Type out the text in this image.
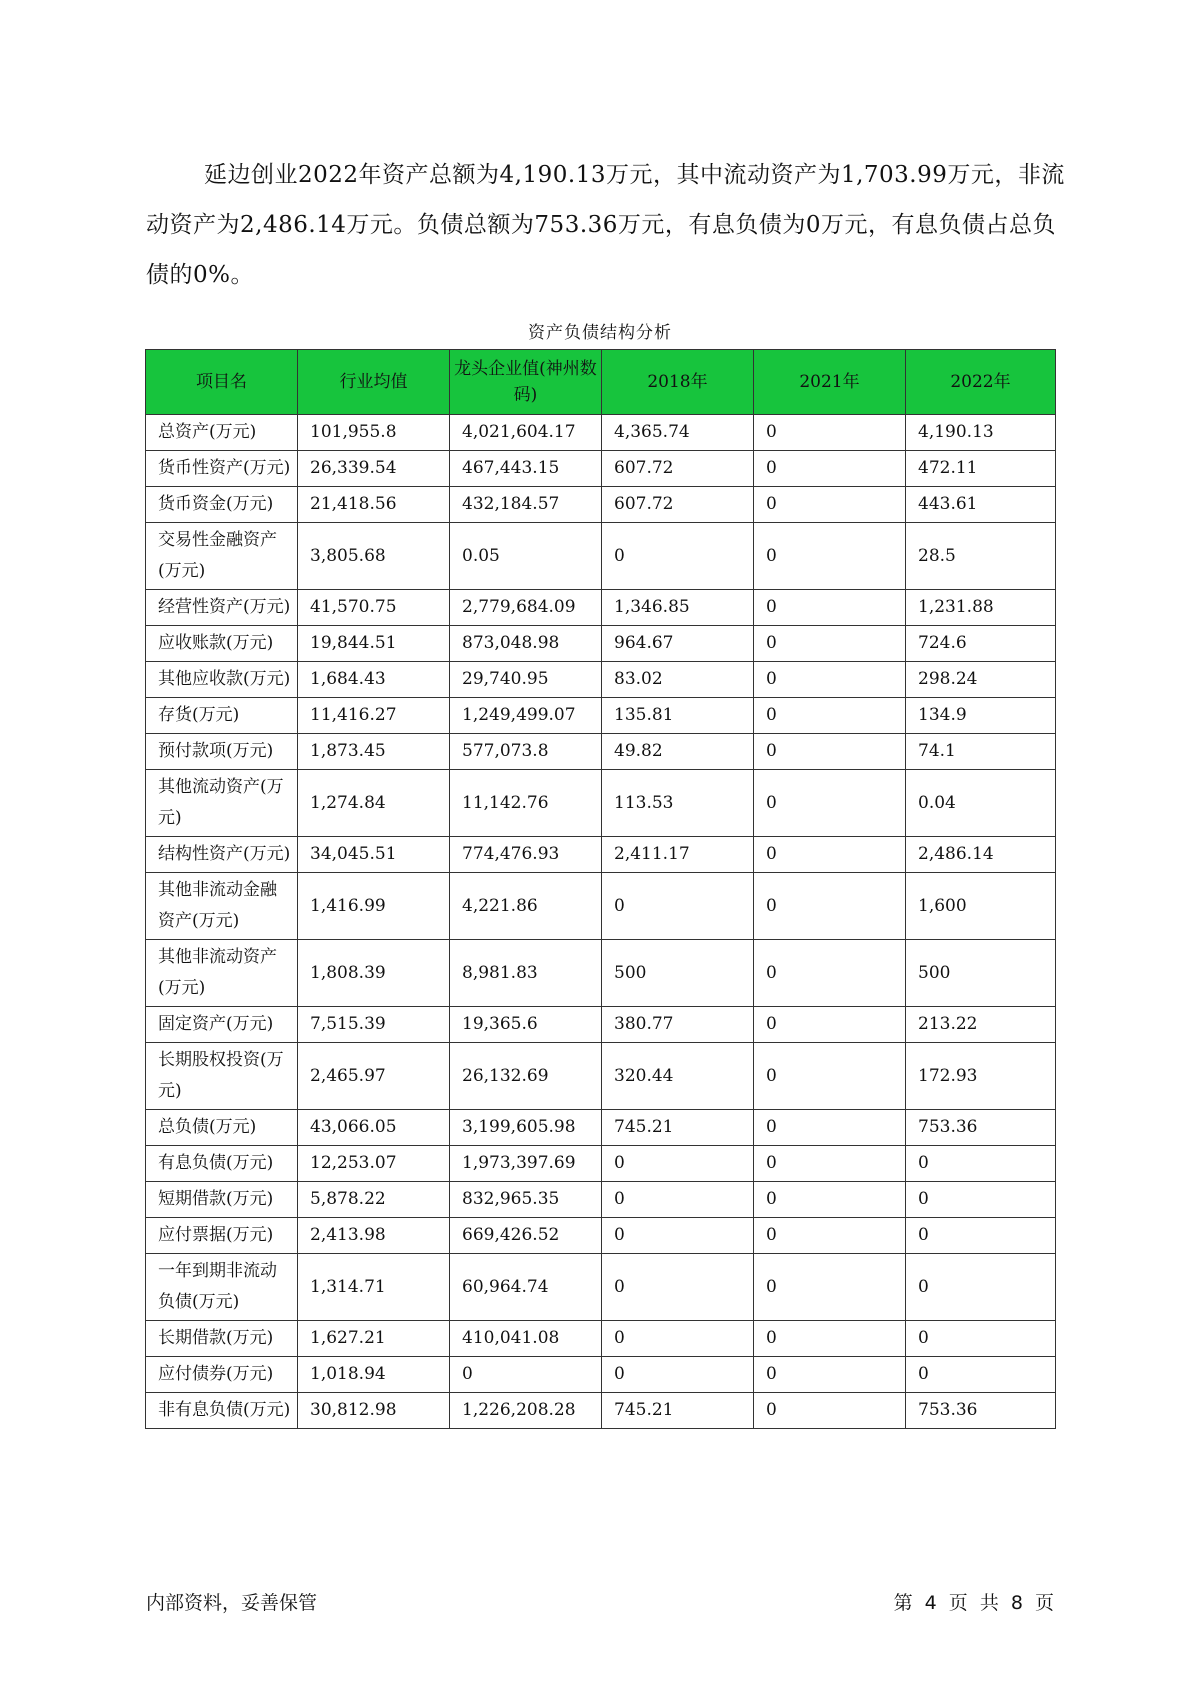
延边创业2022年资产总额为4,190.13万元，其中流动资产为1,703.99万元，非流动资产为2,486.14万元。负债总额为753.36万元，有息负债为0万元，有息负债占总负债的0%。

资产负债结构分析
项目名	行业均值	龙头企业值(神州数码)	2018年	2021年	2022年
总资产(万元)	101,955.8	4,021,604.17	4,365.74	0	4,190.13
货币性资产(万元)	26,339.54	467,443.15	607.72	0	472.11
货币资金(万元)	21,418.56	432,184.57	607.72	0	443.61
交易性金融资产(万元)	3,805.68	0.05	0	0	28.5
经营性资产(万元)	41,570.75	2,779,684.09	1,346.85	0	1,231.88
应收账款(万元)	19,844.51	873,048.98	964.67	0	724.6
其他应收款(万元)	1,684.43	29,740.95	83.02	0	298.24
存货(万元)	11,416.27	1,249,499.07	135.81	0	134.9
预付款项(万元)	1,873.45	577,073.8	49.82	0	74.1
其他流动资产(万元)	1,274.84	11,142.76	113.53	0	0.04
结构性资产(万元)	34,045.51	774,476.93	2,411.17	0	2,486.14
其他非流动金融资产(万元)	1,416.99	4,221.86	0	0	1,600
其他非流动资产(万元)	1,808.39	8,981.83	500	0	500
固定资产(万元)	7,515.39	19,365.6	380.77	0	213.22
长期股权投资(万元)	2,465.97	26,132.69	320.44	0	172.93
总负债(万元)	43,066.05	3,199,605.98	745.21	0	753.36
有息负债(万元)	12,253.07	1,973,397.69	0	0	0
短期借款(万元)	5,878.22	832,965.35	0	0	0
应付票据(万元)	2,413.98	669,426.52	0	0	0
一年到期非流动负债(万元)	1,314.71	60,964.74	0	0	0
长期借款(万元)	1,627.21	410,041.08	0	0	0
应付债券(万元)	1,018.94	0	0	0	0
非有息负债(万元)	30,812.98	1,226,208.28	745.21	0	753.36
内部资料，妥善保管	第 4 页 共 8 页
